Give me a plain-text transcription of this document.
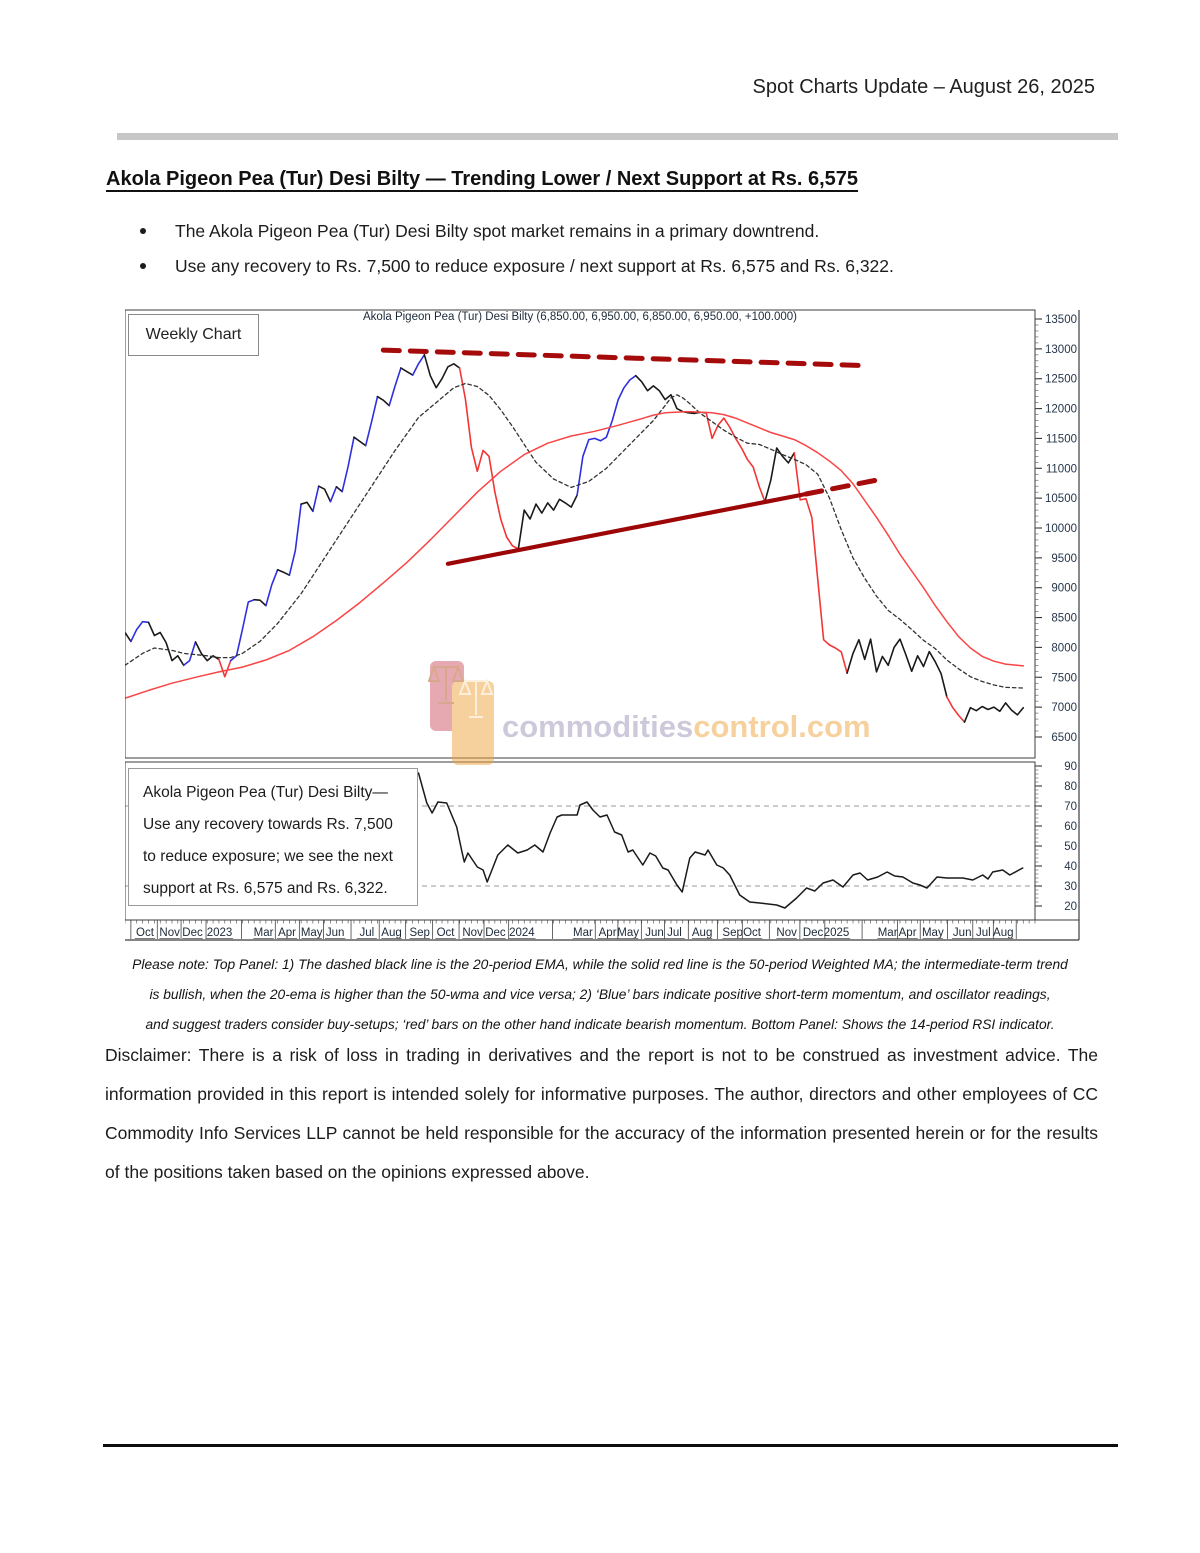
Spot Charts Update – August 26, 2025
Akola Pigeon Pea (Tur) Desi Bilty — Trending Lower / Next Support at Rs. 6,575
The Akola Pigeon Pea (Tur) Desi Bilty spot market remains in a primary downtrend.
Use any recovery to Rs. 7,500 to reduce exposure / next support at Rs. 6,575 and Rs. 6,322.
13500
13000
12500
12000
11500
11000
10500
10000
9500
9000
8500
8000
7500
7000
6500
90
80
70
60
50
40
30
20
Oct Nov Dec 2023 Mar Apr May Jun Jul Aug Sep Oct Nov Dec 2024	Mar Apr May Jun Jul Aug Sep Oct Nov Dec 2025 Mar Apr May Jun Jul Aug
commoditiescontrol.com
Akola Pigeon Pea (Tur) Desi Bilty (6,850.00, 6,950.00, 6,850.00, 6,950.00, +100.000)
Weekly Chart
Akola Pigeon Pea (Tur) Desi Bilty—
Use any recovery towards Rs. 7,500
to reduce exposure; we see the next
support at Rs. 6,575 and Rs. 6,322.
Please note: Top Panel: 1) The dashed black line is the 20-period EMA, while the solid red line is the 50-period Weighted MA; the intermediate-term trend
is bullish, when the 20-ema is higher than the 50-wma and vice versa; 2) ‘Blue’ bars indicate positive short-term momentum, and oscillator readings,
and suggest traders consider buy-setups; ‘red’ bars on the other hand indicate bearish momentum. Bottom Panel: Shows the 14-period RSI indicator.
Disclaimer: There is a risk of loss in trading in derivatives and the report is not to be construed as investment advice. The information provided in this report is intended solely for informative purposes. The author, directors and other employees of CC Commodity Info Services LLP cannot be held responsible for the accuracy of the information presented herein or for the results of the positions taken based on the opinions expressed above.
